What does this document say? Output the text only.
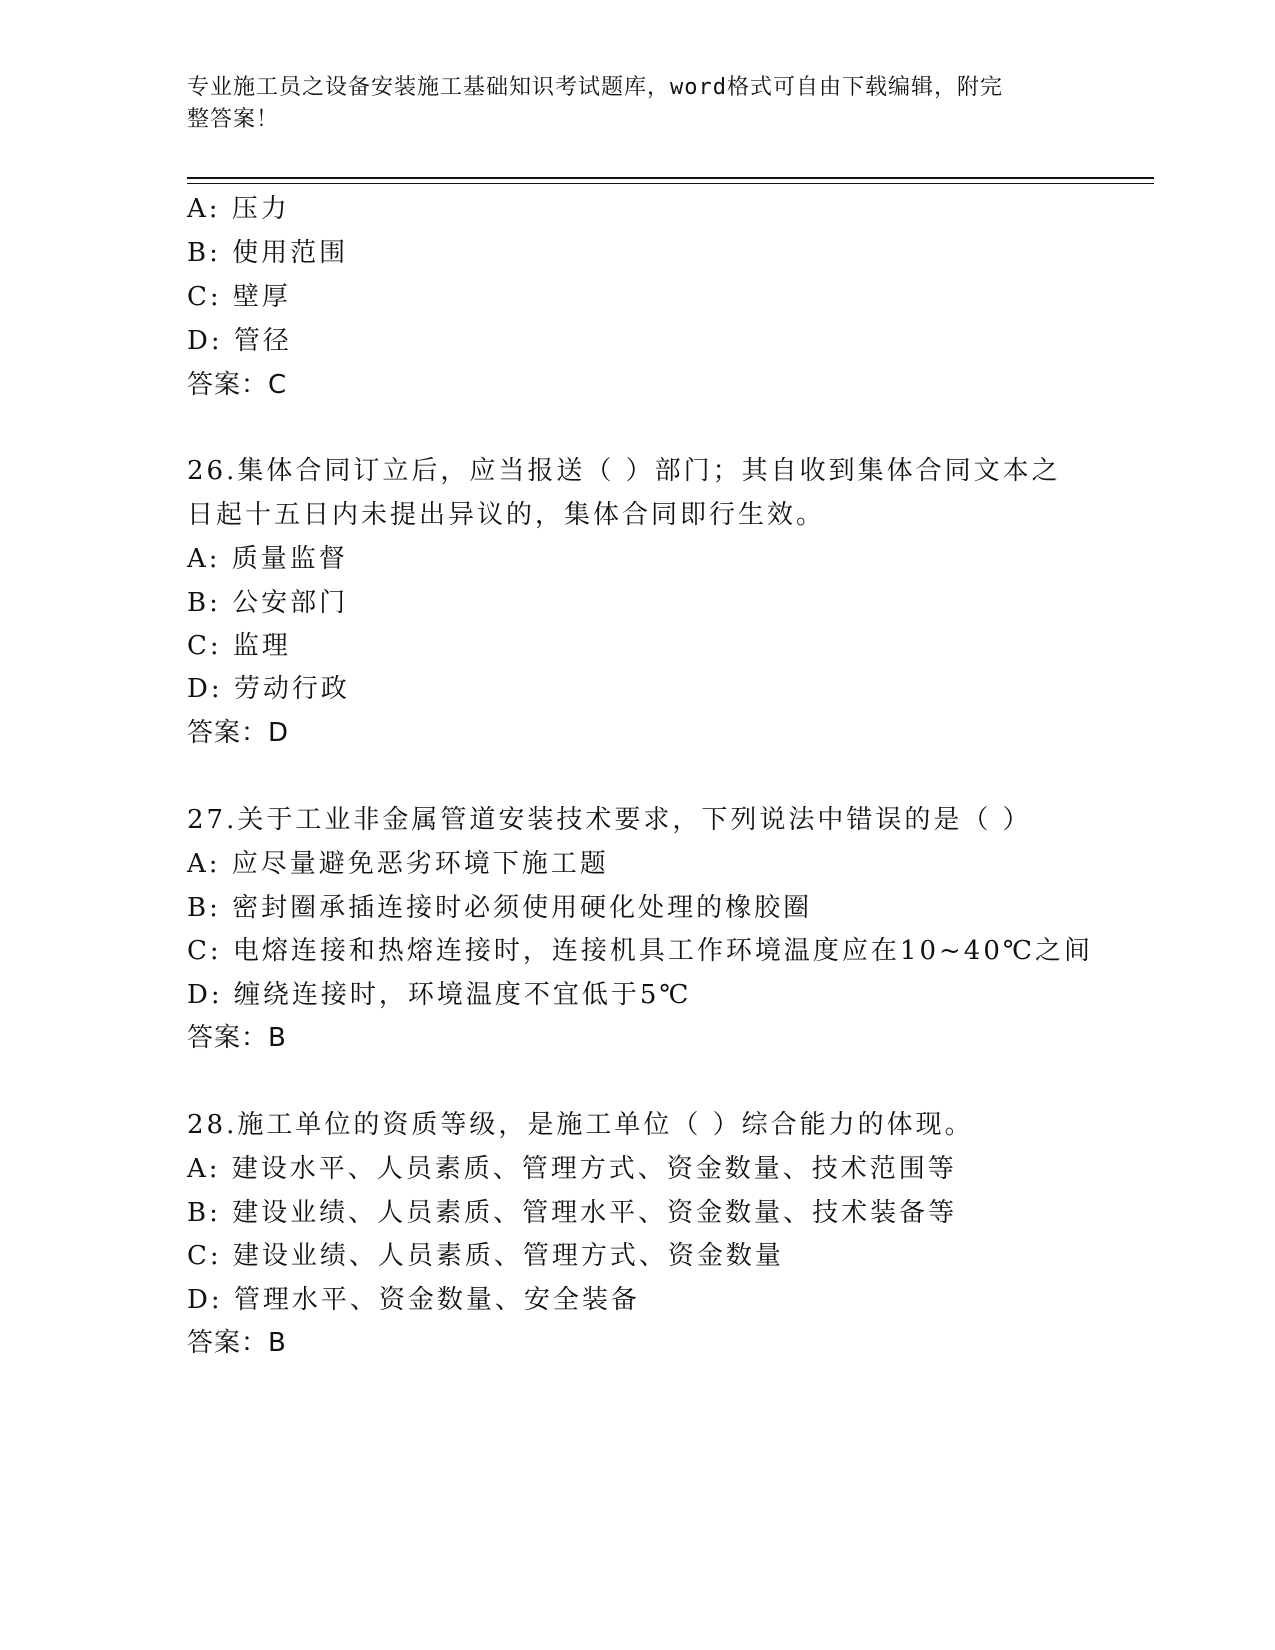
专业施工员之设备安装施工基础知识考试题库，word格式可自由下载编辑，附完
整答案！
A: 压力
B: 使用范围
C: 壁厚
D: 管径
答案：C
26.集体合同订立后，应当报送（ ）部门；其自收到集体合同文本之
日起十五日内未提出异议的，集体合同即行生效。
A: 质量监督
B: 公安部门
C: 监理
D: 劳动行政
答案：D
27.关于工业非金属管道安装技术要求，下列说法中错误的是（ ）
A: 应尽量避免恶劣环境下施工题
B: 密封圈承插连接时必须使用硬化处理的橡胶圈
C: 电熔连接和热熔连接时，连接机具工作环境温度应在10~40℃之间
D: 缠绕连接时，环境温度不宜低于5℃
答案：B
28.施工单位的资质等级，是施工单位（ ）综合能力的体现。
A: 建设水平、人员素质、管理方式、资金数量、技术范围等
B: 建设业绩、人员素质、管理水平、资金数量、技术装备等
C: 建设业绩、人员素质、管理方式、资金数量
D: 管理水平、资金数量、安全装备
答案：B
